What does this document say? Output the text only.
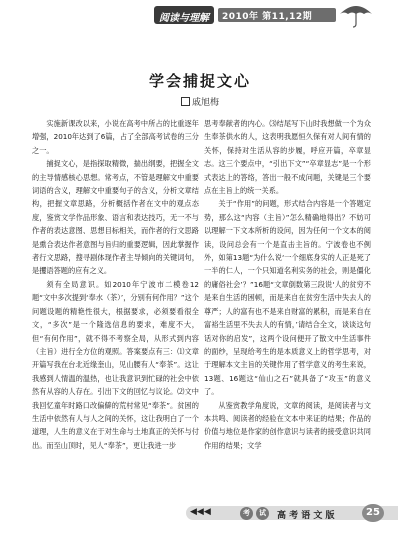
阅读与理解 2010年 第11,12期
学会捕捉文心
戚旭梅

实施新课改以来，小说在高考中所占的比重逐年增强，2010年达到了6篇，占了全部高考试卷的三分之一。

捕捉文心，是指探取精微，揣出纲要，把握全文的主导情感核心思想。常考点，不管是理解文中重要词语的含义，理解文中重要句子的含义，分析文章结构，把握文章思路，分析概括作者在文中的观点态度，鉴赏文学作品形象、语言和表达技巧，无一不与作者的表达意图、思想目标相关，而作者的行文思路是熏合表达作者意图与旨归的重要逻辑，因此掌握作者行文思路，搜寻剧体现作者主导倾向的关键词句，是攫语答题的应有之义。

须有全局意识。如2010年宁波市二模卷12题“文中多次提到‘奉水（茶）’，分别有何作用？”这个问题设题的精艳性很大，根据要求，必须要看很全文，“多次”是一个隆选信息的要求，难度不大，但“有何作用”，就不得不考察全局，从形式到内容（主旨）进行全方位的观照。答案要点有三：⑴文章开篇写我在台北近缘奎山，见山腰有人“奉茶”。这让我感到人情温的温热，也让我意识到忙碌的社会中依然有从容的人存在。引出下文的回忆与议论。⑵文中我回忆童年时路口改偏僻的荒村常见“奉茶”。贫困的生活中依然有人与人之间的关怀，这让我明白了一个道理，人生的意义在于对生命与土地真正的关怀与付出。而至山顶时，见人“奉茶”，更让我进一步

思考奉献者的内心。⑶结尾写下山时我想做一个为众生奉茶供水的人，这表明我愿恒久保有对人间有情的关怀，保持对生活从容的步履，呼应开篇，卒章显志。这三个要点中，“引出下文”“卒章显志”是一个形式表达上的答络，答出一般不成问题，关键是三个要点在主旨上的统一关系。

关于“作用”的问题，形式结合内容是一个答题定势，那么这“内容（主旨）”怎么精确地得出？不妨可以理解一下文本所析的设问，因为任何一个文本的阅读，设问总会有一个是直击主旨的。宁波卷也不例外，如第13题“为什么说‘一个细底身实的人正是死了一半的仁人，一个只知道名利实务的社会，则是僵化的庸俗社会’？”16题“文章倒数第三段说‘人的贫穷不是来自生活的困顿，而是来自在贫穷生活中失去人的尊严；人的富有也不是来自财富的累积，而是来自在富裕生活里不失去人的有情，’请结合全文，谈谈这句话对你的启发”，这两个设问便开了散文中生活事件的面纱，呈现给考生的是本质意义上的哲学思考，对于理解本文主旨的关键作用了哲学意义的考生来说，13题、16题这“仙山之石”就具备了“攻玉”的意义了。

从鉴赏教学角度说，文章的阅读，是阅读者与文本共鸣、阅读者的经验在文本中来证的结果；作品的价值与地位是作家的创作意识与读者的接受意识共同作用的结果；文学

◀◀◀	考	试	高 考 语 文 版	25
